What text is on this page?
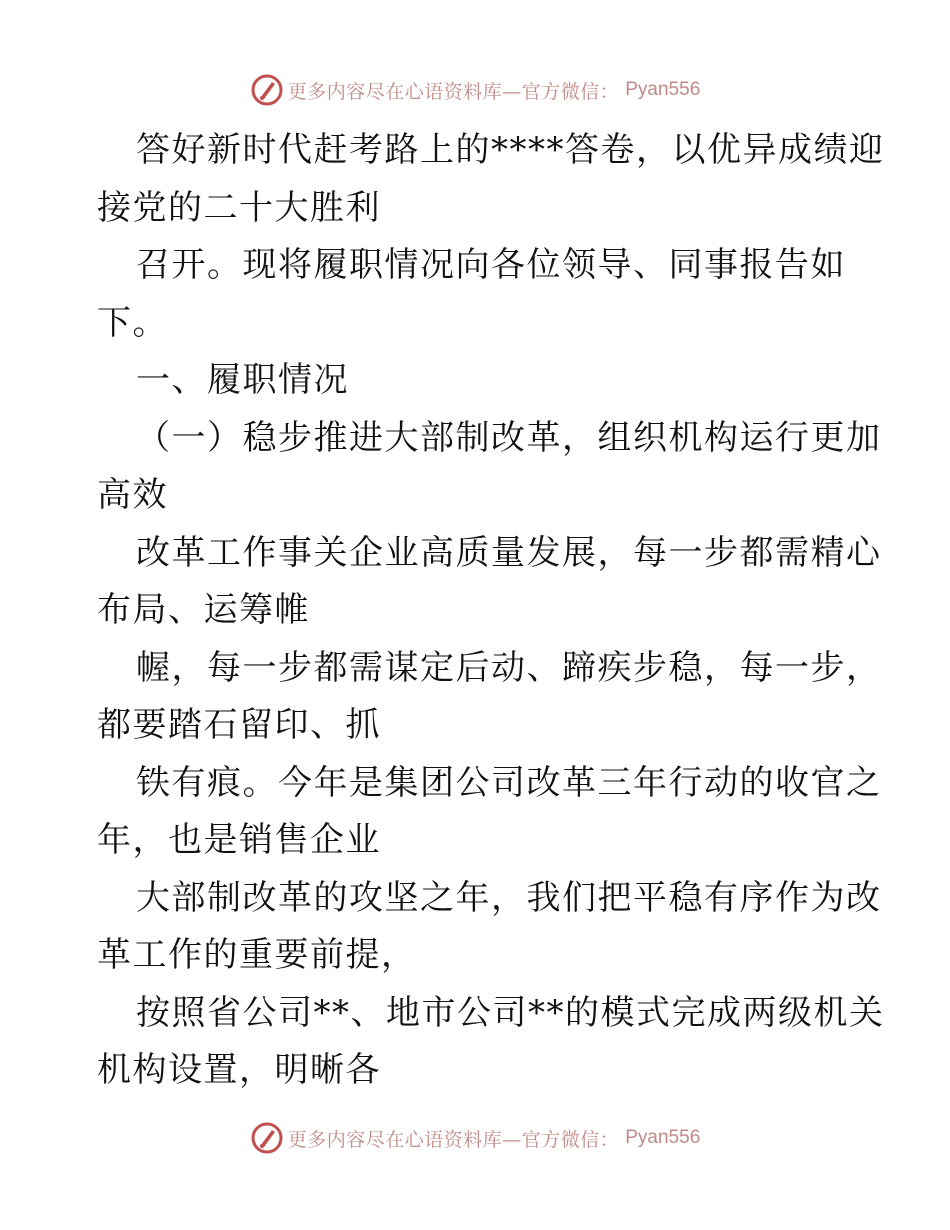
更多内容尽在心语资料库—官方微信： Pyan556

答好新时代赶考路上的****答卷，以优异成绩迎
接党的二十大胜利

召开。现将履职情况向各位领导、同事报告如
下。

一、履职情况

（一）稳步推进大部制改革，组织机构运行更加
高效

改革工作事关企业高质量发展，每一步都需精心
布局、运筹帷

幄，每一步都需谋定后动、蹄疾步稳，每一步，
都要踏石留印、抓

铁有痕。今年是集团公司改革三年行动的收官之
年，也是销售企业

大部制改革的攻坚之年，我们把平稳有序作为改
革工作的重要前提，

按照省公司**、地市公司**的模式完成两级机关
机构设置，明晰各

更多内容尽在心语资料库—官方微信： Pyan556
